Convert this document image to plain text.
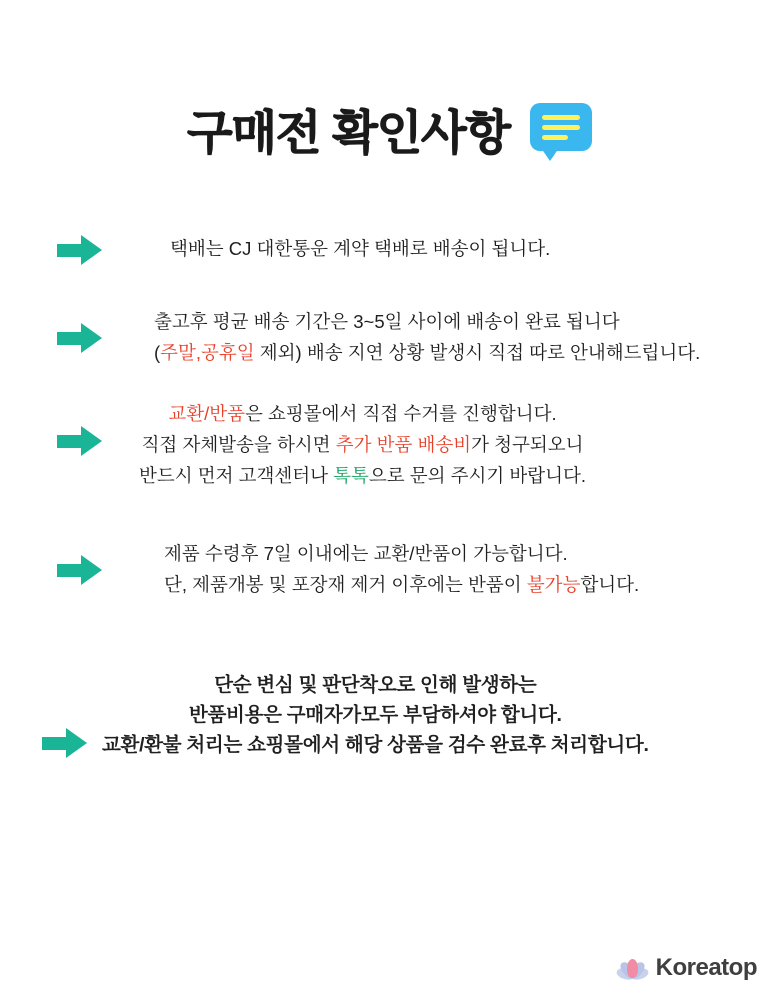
구매전 확인사항
택배는 CJ 대한통운 계약 택배로 배송이 됩니다.
출고후 평균 배송 기간은 3~5일 사이에 배송이 완료 됩니다
(주말,공휴일 제외) 배송 지연 상황 발생시 직접 따로 안내해드립니다.
교환/반품은 쇼핑몰에서 직접 수거를 진행합니다.
직접 자체발송을 하시면 추가 반품 배송비가 청구되오니
반드시 먼저 고객센터나 톡톡으로 문의 주시기 바랍니다.
제품 수령후 7일 이내에는 교환/반품이 가능합니다.
단, 제품개봉 및 포장재 제거 이후에는 반품이 불가능합니다.
단순 변심 및 판단착오로 인해 발생하는
반품비용은 구매자가모두 부담하셔야 합니다.
교환/환불 처리는 쇼핑몰에서 해당 상품을 검수 완료후 처리합니다.
Koreatop
